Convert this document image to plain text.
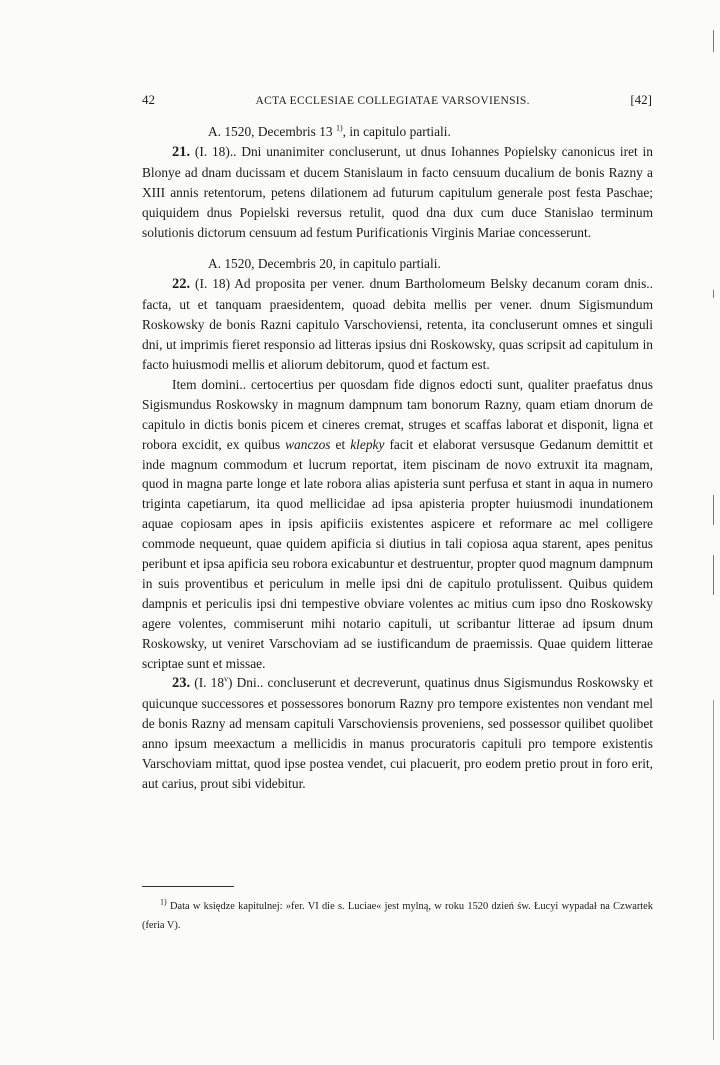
42	ACTA ECCLESIAE COLLEGIATAE VARSOVIENSIS.	[42]

A. 1520, Decembris 13 $^{1)}$, in capitulo partiali.

21. (I. 18).. Dni unanimiter concluserunt, ut dnus Iohannes Popielsky canonicus iret in Blonye ad dnam ducissam et ducem Stanislaum in facto censuum ducalium de bonis Razny a XIII annis retentorum, petens dilationem ad futurum capitulum generale post festa Paschae; quiquidem dnus Popielski reversus retulit, quod dna dux cum duce Stanislao terminum solutionis dictorum censuum ad festum Purificationis Virginis Mariae concesserunt.

A. 1520, Decembris 20, in capitulo partiali.

22. (I. 18) Ad proposita per vener. dnum Bartholomeum Belsky decanum coram dnis.. facta, ut et tanquam praesidentem, quoad debita mellis per vener. dnum Sigismundum Roskowsky de bonis Razni capitulo Varschoviensi, retenta, ita concluserunt omnes et singuli dni, ut imprimis fieret responsio ad litteras ipsius dni Roskowsky, quas scripsit ad capitulum in facto huiusmodi mellis et aliorum debitorum, quod et factum est.

Item domini.. certocertius per quosdam fide dignos edocti sunt, qualiter praefatus dnus Sigismundus Roskowsky in magnum dampnum tam bonorum Razny, quam etiam dnorum de capitulo in dictis bonis picem et cineres cremat, struges et scaffas laborat et disponit, ligna et robora excidit, ex quibus wanczos et klepky facit et elaborat versusque Gedanum demittit et inde magnum commodum et lucrum reportat, item piscinam de novo extruxit ita magnam, quod in magna parte longe et late robora alias apisteria sunt perfusa et stant in aqua in numero triginta capetiarum, ita quod mellicidae ad ipsa apisteria propter huiusmodi inundationem aquae copiosam apes in ipsis apificiis existentes aspicere et reformare ac mel colligere commode nequeunt, quae quidem apificia si diutius in tali copiosa aqua starent, apes penitus peribunt et ipsa apificia seu robora exicabuntur et destruentur, propter quod magnum dampnum in suis proventibus et periculum in melle ipsi dni de capitulo protulissent. Quibus quidem dampnis et periculis ipsi dni tempestive obviare volentes ac mitius cum ipso dno Roskowsky agere volentes, commiserunt mihi notario capituli, ut scribantur litterae ad ipsum dnum Roskowsky, ut veniret Varschoviam ad se iustificandum de praemissis. Quae quidem litterae scriptae sunt et missae.

23. (I. 18$^v$) Dni.. concluserunt et decreverunt, quatinus dnus Sigismundus Roskowsky et quicunque successores et possessores bonorum Razny pro tempore existentes non vendant mel de bonis Razny ad mensam capituli Varschoviensis proveniens, sed possessor quilibet quolibet anno ipsum meexactum a mellicidis in manus procuratoris capituli pro tempore existentis Varschoviam mittat, quod ipse postea vendet, cui placuerit, pro eodem pretio prout in foro erit, aut carius, prout sibi videbitur.

$^{1)}$ Data w księdze kapitulnej: »fer. VI die s. Luciae« jest mylną, w roku 1520 dzień św. Łucyi wypadał na Czwartek (feria V).
